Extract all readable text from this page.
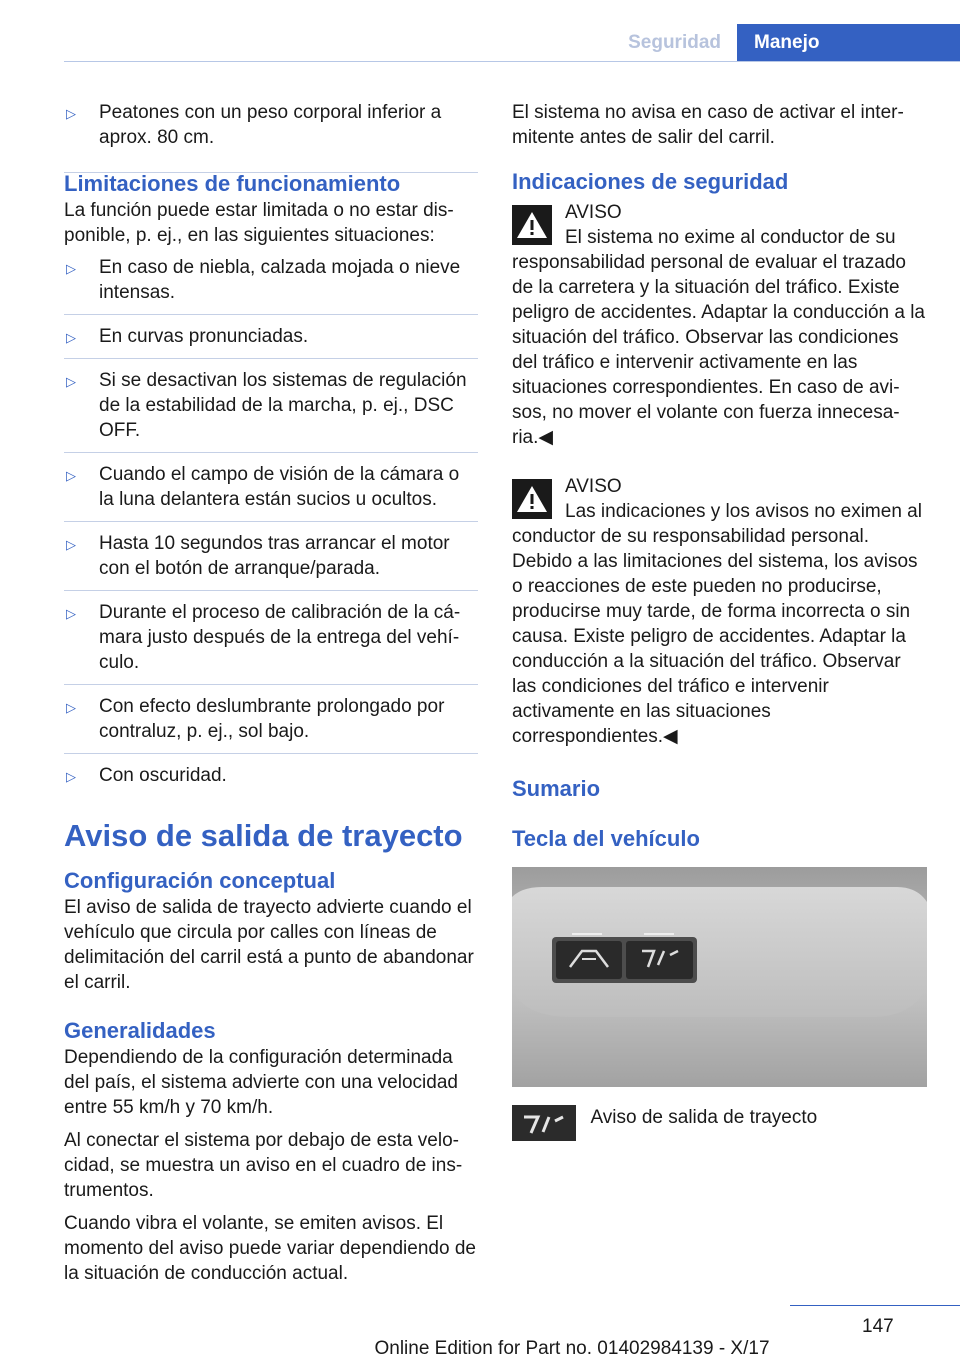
Seguridad	Manejo
▷ Peatones con un peso corporal inferior a aprox. 80 cm.
Limitaciones de funcionamiento

La función puede estar limitada o no estar disponible, p. ej., en las siguientes situaciones:

▷ En caso de niebla, calzada mojada o nieve intensas.
▷ En curvas pronunciadas.
▷ Si se desactivan los sistemas de regulación de la estabilidad de la marcha, p. ej., DSC OFF.
▷ Cuando el campo de visión de la cámara o la luna delantera están sucios u ocultos.
▷ Hasta 10 segundos tras arrancar el motor con el botón de arranque/parada.
▷ Durante el proceso de calibración de la cámara justo después de la entrega del vehículo.
▷ Con efecto deslumbrante prolongado por contraluz, p. ej., sol bajo.
▷ Con oscuridad.
Aviso de salida de trayecto
Configuración conceptual

El aviso de salida de trayecto advierte cuando el vehículo que circula por calles con líneas de delimitación del carril está a punto de abandonar el carril.

Generalidades

Dependiendo de la configuración determinada del país, el sistema advierte con una velocidad entre 55 km/h y 70 km/h.

Al conectar el sistema por debajo de esta velocidad, se muestra un aviso en el cuadro de instrumentos.

Cuando vibra el volante, se emiten avisos. El momento del aviso puede variar dependiendo de la situación de conducción actual.

El sistema no avisa en caso de activar el intermitente antes de salir del carril.

Indicaciones de seguridad

AVISO

El sistema no exime al conductor de su responsabilidad personal de evaluar el trazado de la carretera y la situación del tráfico. Existe peligro de accidentes. Adaptar la conducción a la situación del tráfico. Observar las condiciones del tráfico e intervenir activamente en las situaciones correspondientes. En caso de avisos, no mover el volante con fuerza innecesaria.◀

AVISO

Las indicaciones y los avisos no eximen al conductor de su responsabilidad personal. Debido a las limitaciones del sistema, los avisos o reacciones de este pueden no producirse, producirse muy tarde, de forma incorrecta o sin causa. Existe peligro de accidentes. Adaptar la conducción a la situación del tráfico. Observar las condiciones del tráfico e intervenir activamente en las situaciones correspondientes.◀

Sumario
Tecla del vehículo
Aviso de salida de trayecto
147
Online Edition for Part no. 01402984139 - X/17
